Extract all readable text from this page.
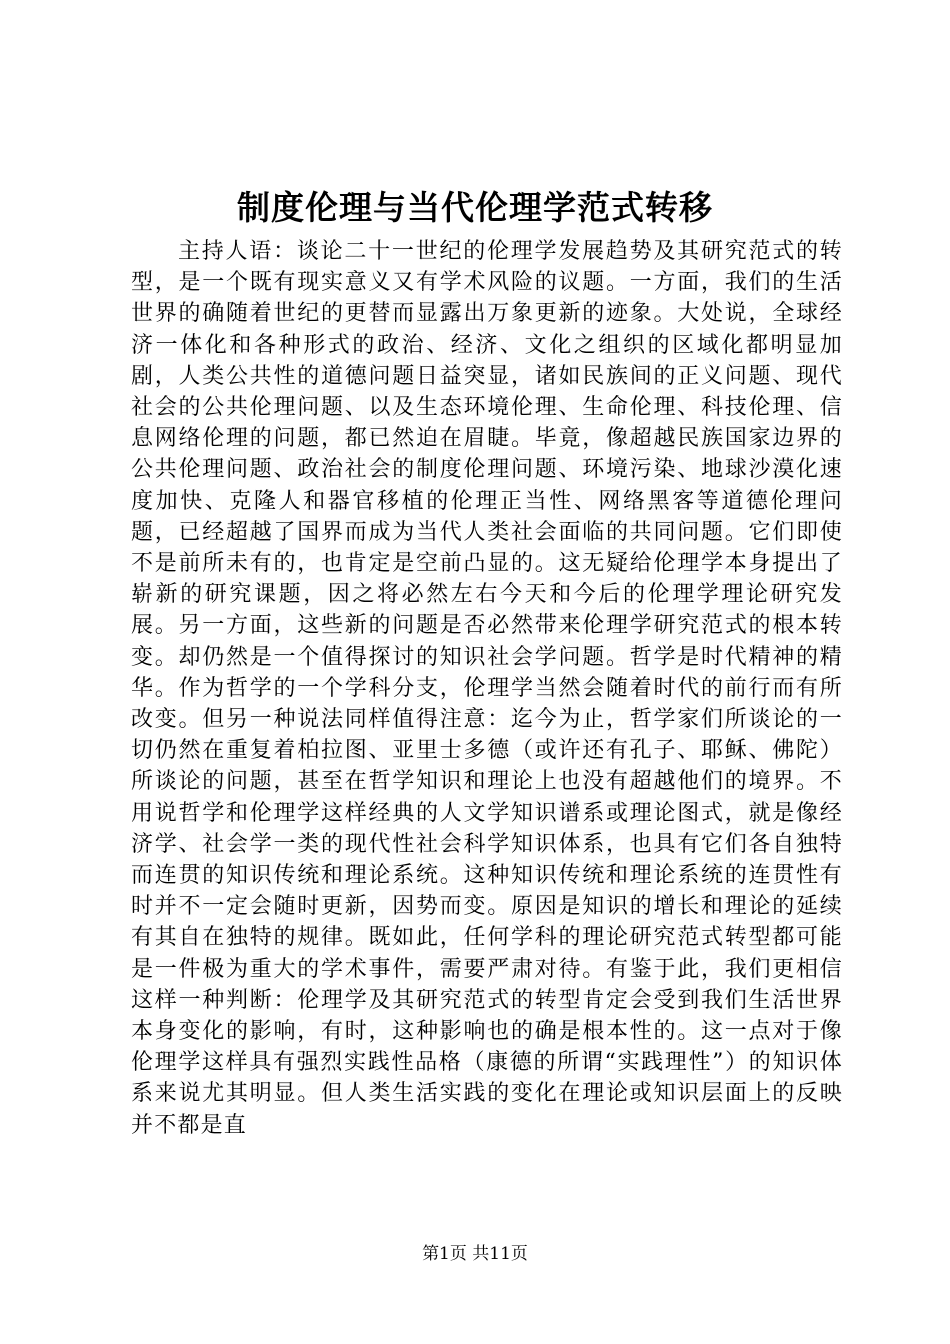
制度伦理与当代伦理学范式转移

主持人语：谈论二十一世纪的伦理学发展趋势及其研究范式的转型，是一个既有现实意义又有学术风险的议题。一方面，我们的生活世界的确随着世纪的更替而显露出万象更新的迹象。大处说，全球经济一体化和各种形式的政治、经济、文化之组织的区域化都明显加剧，人类公共性的道德问题日益突显，诸如民族间的正义问题、现代社会的公共伦理问题、以及生态环境伦理、生命伦理、科技伦理、信息网络伦理的问题，都已然迫在眉睫。毕竟，像超越民族国家边界的公共伦理问题、政治社会的制度伦理问题、环境污染、地球沙漠化速度加快、克隆人和器官移植的伦理正当性、网络黑客等道德伦理问题，已经超越了国界而成为当代人类社会面临的共同问题。它们即使不是前所未有的，也肯定是空前凸显的。这无疑给伦理学本身提出了崭新的研究课题，因之将必然左右今天和今后的伦理学理论研究发展。另一方面，这些新的问题是否必然带来伦理学研究范式的根本转变。却仍然是一个值得探讨的知识社会学问题。哲学是时代精神的精华。作为哲学的一个学科分支，伦理学当然会随着时代的前行而有所改变。但另一种说法同样值得注意：迄今为止，哲学家们所谈论的一切仍然在重复着柏拉图、亚里士多德（或许还有孔子、耶稣、佛陀）所谈论的问题，甚至在哲学知识和理论上也没有超越他们的境界。不用说哲学和伦理学这样经典的人文学知识谱系或理论图式，就是像经济学、社会学一类的现代性社会科学知识体系，也具有它们各自独特而连贯的知识传统和理论系统。这种知识传统和理论系统的连贯性有时并不一定会随时更新，因势而变。原因是知识的增长和理论的延续有其自在独特的规律。既如此，任何学科的理论研究范式转型都可能是一件极为重大的学术事件，需要严肃对待。有鉴于此，我们更相信这样一种判断：伦理学及其研究范式的转型肯定会受到我们生活世界本身变化的影响，有时，这种影响也的确是根本性的。这一点对于像伦理学这样具有强烈实践性品格（康德的所谓“实践理性”）的知识体系来说尤其明显。但人类生活实践的变化在理论或知识层面上的反映并不都是直

第1页 共11页
